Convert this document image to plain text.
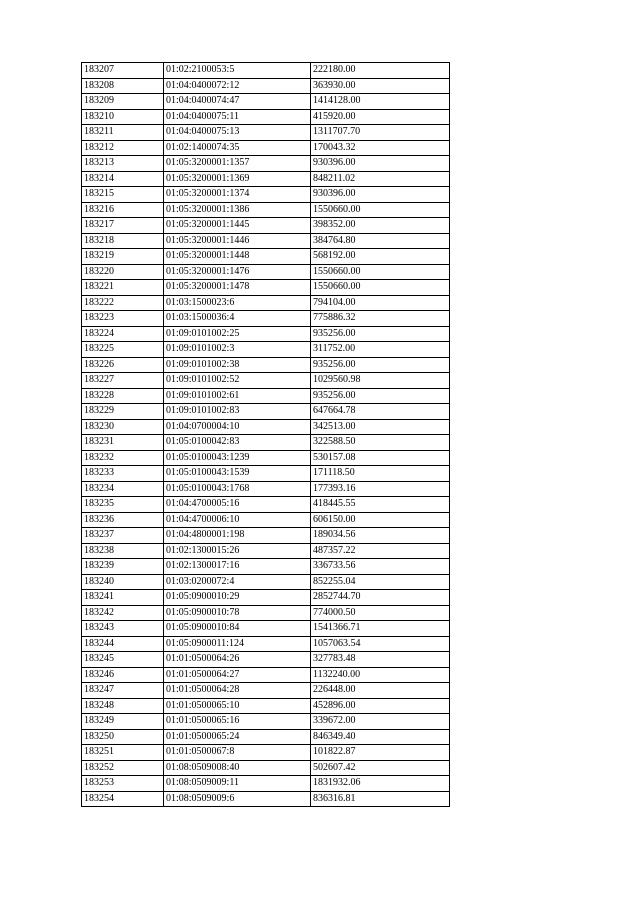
183207	01:02:2100053:5	222180.00
183208	01:04:0400072:12	363930.00
183209	01:04:0400074:47	1414128.00
183210	01:04:0400075:11	415920.00
183211	01:04:0400075:13	1311707.70
183212	01:02:1400074:35	170043.32
183213	01:05:3200001:1357	930396.00
183214	01:05:3200001:1369	848211.02
183215	01:05:3200001:1374	930396.00
183216	01:05:3200001:1386	1550660.00
183217	01:05:3200001:1445	398352.00
183218	01:05:3200001:1446	384764.80
183219	01:05:3200001:1448	568192.00
183220	01:05:3200001:1476	1550660.00
183221	01:05:3200001:1478	1550660.00
183222	01:03:1500023:6	794104.00
183223	01:03:1500036:4	775886.32
183224	01:09:0101002:25	935256.00
183225	01:09:0101002:3	311752.00
183226	01:09:0101002:38	935256.00
183227	01:09:0101002:52	1029560.98
183228	01:09:0101002:61	935256.00
183229	01:09:0101002:83	647664.78
183230	01:04:0700004:10	342513.00
183231	01:05:0100042:83	322588.50
183232	01:05:0100043:1239	530157.08
183233	01:05:0100043:1539	171118.50
183234	01:05:0100043:1768	177393.16
183235	01:04:4700005:16	418445.55
183236	01:04:4700006:10	606150.00
183237	01:04:4800001:198	189034.56
183238	01:02:1300015:26	487357.22
183239	01:02:1300017:16	336733.56
183240	01:03:0200072:4	852255.04
183241	01:05:0900010:29	2852744.70
183242	01:05:0900010:78	774000.50
183243	01:05:0900010:84	1541366.71
183244	01:05:0900011:124	1057063.54
183245	01:01:0500064:26	327783.48
183246	01:01:0500064:27	1132240.00
183247	01:01:0500064:28	226448.00
183248	01:01:0500065:10	452896.00
183249	01:01:0500065:16	339672.00
183250	01:01:0500065:24	846349.40
183251	01:01:0500067:8	101822.87
183252	01:08:0509008:40	502607.42
183253	01:08:0509009:11	1831932.06
183254	01:08:0509009:6	836316.81
